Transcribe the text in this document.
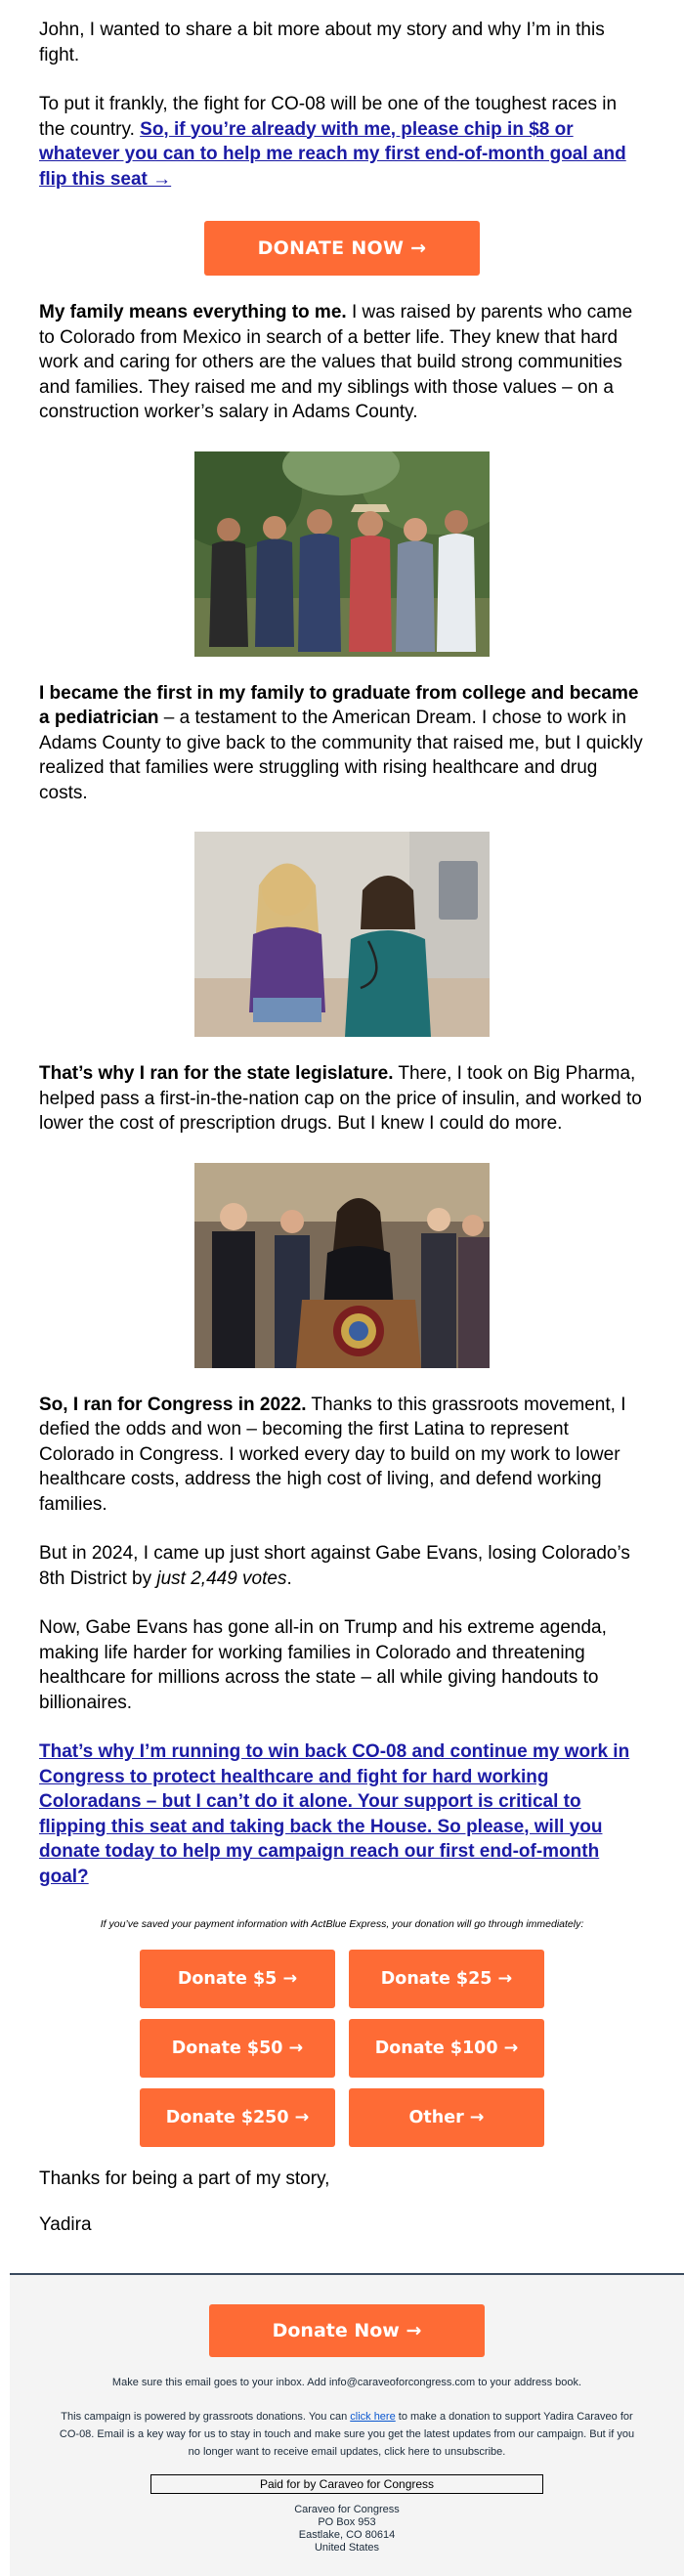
John, I wanted to share a bit more about my story and why I’m in this fight.

To put it frankly, the fight for CO-08 will be one of the toughest races in the country. So, if you’re already with me, please chip in $8 or whatever you can to help me reach my first end-of-month goal and flip this seat →

DONATE NOW →

My family means everything to me. I was raised by parents who came to Colorado from Mexico in search of a better life. They knew that hard work and caring for others are the values that build strong communities and families. They raised me and my siblings with those values – on a construction worker’s salary in Adams County.

I became the first in my family to graduate from college and became a pediatrician – a testament to the American Dream. I chose to work in Adams County to give back to the community that raised me, but I quickly realized that families were struggling with rising healthcare and drug costs.

That’s why I ran for the state legislature. There, I took on Big Pharma, helped pass a first-in-the-nation cap on the price of insulin, and worked to lower the cost of prescription drugs. But I knew I could do more.

So, I ran for Congress in 2022. Thanks to this grassroots movement, I defied the odds and won – becoming the first Latina to represent Colorado in Congress. I worked every day to build on my work to lower healthcare costs, address the high cost of living, and defend working families.

But in 2024, I came up just short against Gabe Evans, losing Colorado’s 8th District by just 2,449 votes.

Now, Gabe Evans has gone all-in on Trump and his extreme agenda, making life harder for working families in Colorado and threatening healthcare for millions across the state – all while giving handouts to billionaires.

That’s why I’m running to win back CO-08 and continue my work in Congress to protect healthcare and fight for hard working Coloradans – but I can’t do it alone. Your support is critical to flipping this seat and taking back the House. So please, will you donate today to help my campaign reach our first end-of-month goal?

If you’ve saved your payment information with ActBlue Express, your donation will go through immediately:

Donate $5 →	Donate $25 →
Donate $50 →	Donate $100 →
Donate $250 →	Other →

Thanks for being a part of my story,

Yadira

Donate Now →

Make sure this email goes to your inbox. Add info@caraveoforcongress.com to your address book.

This campaign is powered by grassroots donations. You can click here to make a donation to support Yadira Caraveo for CO-08. Email is a key way for us to stay in touch and make sure you get the latest updates from our campaign. But if you no longer want to receive email updates, click here to unsubscribe.

Paid for by Caraveo for Congress
Caraveo for Congress
PO Box 953
Eastlake, CO 80614
United States
